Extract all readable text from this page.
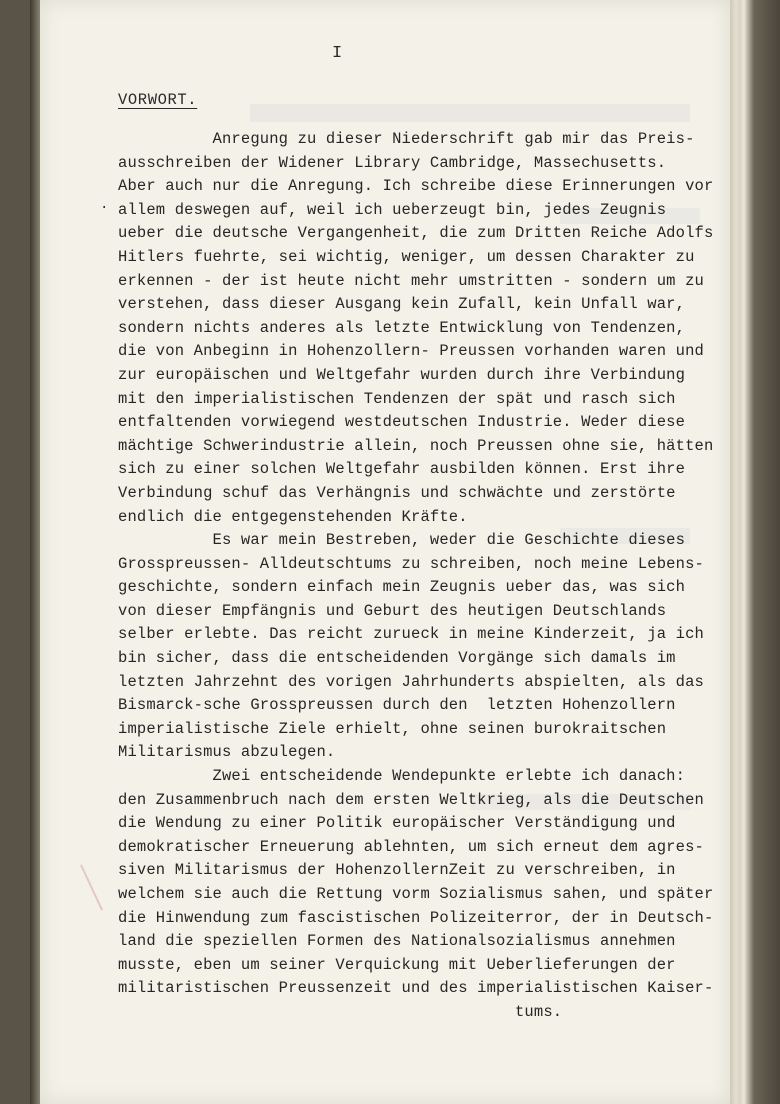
I
VORWORT.
·
Anregung zu dieser Niederschrift gab mir das Preis-
ausschreiben der Widener Library Cambridge, Massechusetts.
Aber auch nur die Anregung. Ich schreibe diese Erinnerungen vor
allem deswegen auf, weil ich ueberzeugt bin, jedes Zeugnis
ueber die deutsche Vergangenheit, die zum Dritten Reiche Adolfs
Hitlers fuehrte, sei wichtig, weniger, um dessen Charakter zu
erkennen - der ist heute nicht mehr umstritten - sondern um zu
verstehen, dass dieser Ausgang kein Zufall, kein Unfall war,
sondern nichts anderes als letzte Entwicklung von Tendenzen,
die von Anbeginn in Hohenzollern- Preussen vorhanden waren und
zur europäischen und Weltgefahr wurden durch ihre Verbindung
mit den imperialistischen Tendenzen der spät und rasch sich
entfaltenden vorwiegend westdeutschen Industrie. Weder diese
mächtige Schwerindustrie allein, noch Preussen ohne sie, hätten
sich zu einer solchen Weltgefahr ausbilden können. Erst ihre
Verbindung schuf das Verhängnis und schwächte und zerstörte
endlich die entgegenstehenden Kräfte.
Es war mein Bestreben, weder die Geschichte dieses
Grosspreussen- Alldeutschtums zu schreiben, noch meine Lebens-
geschichte, sondern einfach mein Zeugnis ueber das, was sich
von dieser Empfängnis und Geburt des heutigen Deutschlands
selber erlebte. Das reicht zurueck in meine Kinderzeit, ja ich
bin sicher, dass die entscheidenden Vorgänge sich damals im
letzten Jahrzehnt des vorigen Jahrhunderts abspielten, als das
Bismarck-sche Grosspreussen durch den  letzten Hohenzollern
imperialistische Ziele erhielt, ohne seinen burokraitschen
Militarismus abzulegen.
Zwei entscheidende Wendepunkte erlebte ich danach:
den Zusammenbruch nach dem ersten Weltkrieg, als die Deutschen
die Wendung zu einer Politik europäischer Verständigung und
demokratischer Erneuerung ablehnten, um sich erneut dem agres-
siven Militarismus der HohenzollernZeit zu verschreiben, in
welchem sie auch die Rettung vorm Sozialismus sahen, und später
die Hinwendung zum fascistischen Polizeiterror, der in Deutsch-
land die speziellen Formen des Nationalsozialismus annehmen
musste, eben um seiner Verquickung mit Ueberlieferungen der
militaristischen Preussenzeit und des imperialistischen Kaiser-
tums.
